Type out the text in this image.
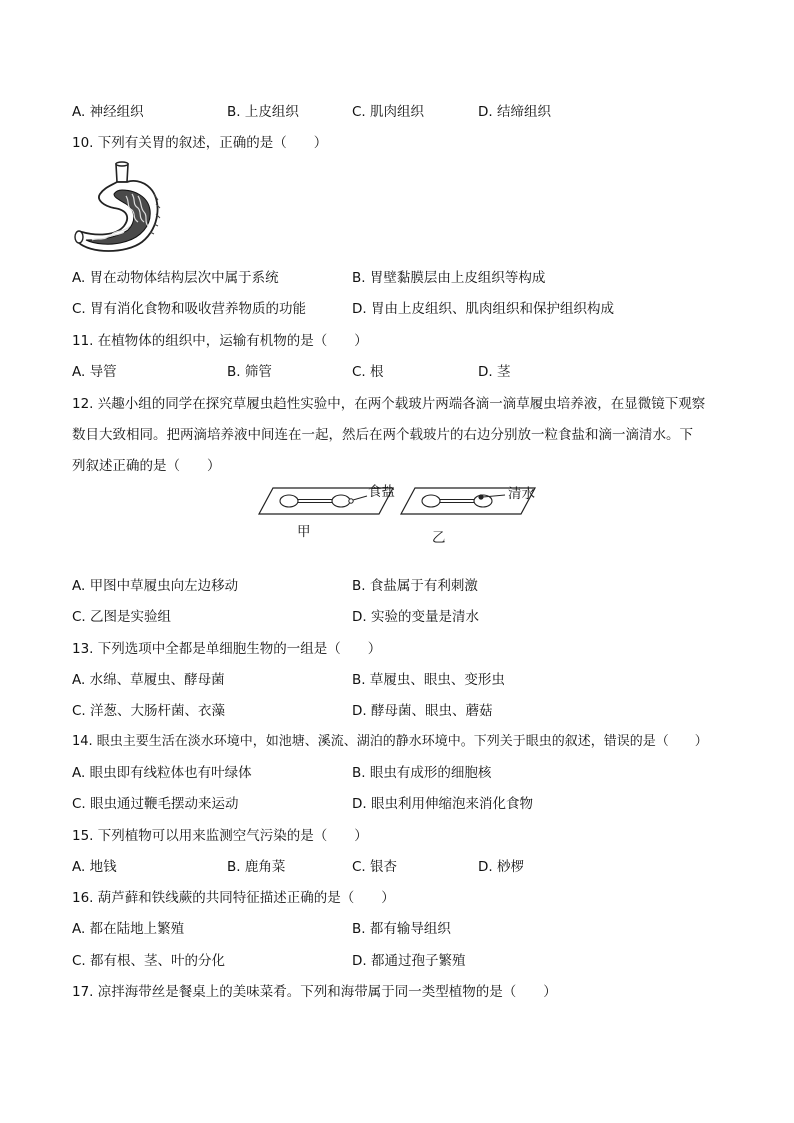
A. 神经组织	B. 上皮组织	C. 肌肉组织	D. 结缔组织
10. 下列有关胃的叙述，正确的是（　　）
A. 胃在动物体结构层次中属于系统	B. 胃壁黏膜层由上皮组织等构成
C. 胃有消化食物和吸收营养物质的功能	D. 胃由上皮组织、肌肉组织和保护组织构成
11. 在植物体的组织中，运输有机物的是（　　）
A. 导管	B. 筛管	C. 根	D. 茎
12. 兴趣小组的同学在探究草履虫趋性实验中，在两个载玻片两端各滴一滴草履虫培养液，在显微镜下观察
数目大致相同。把两滴培养液中间连在一起，然后在两个载玻片的右边分别放一粒食盐和滴一滴清水。下
列叙述正确的是（　　）
食盐	清水
甲	乙
A. 甲图中草履虫向左边移动	B. 食盐属于有利刺激
C. 乙图是实验组	D. 实验的变量是清水
13. 下列选项中全都是单细胞生物的一组是（　　）
A. 水绵、草履虫、酵母菌	B. 草履虫、眼虫、变形虫
C. 洋葱、大肠杆菌、衣藻	D. 酵母菌、眼虫、蘑菇
14. 眼虫主要生活在淡水环境中，如池塘、溪流、湖泊的静水环境中。下列关于眼虫的叙述，错误的是（　　）
A. 眼虫即有线粒体也有叶绿体	B. 眼虫有成形的细胞核
C. 眼虫通过鞭毛摆动来运动	D. 眼虫利用伸缩泡来消化食物
15. 下列植物可以用来监测空气污染的是（　　）
A. 地钱	B. 鹿角菜	C. 银杏	D. 桫椤
16. 葫芦藓和铁线蕨的共同特征描述正确的是（　　）
A. 都在陆地上繁殖	B. 都有输导组织
C. 都有根、茎、叶的分化	D. 都通过孢子繁殖
17. 凉拌海带丝是餐桌上的美味菜肴。下列和海带属于同一类型植物的是（　　）
